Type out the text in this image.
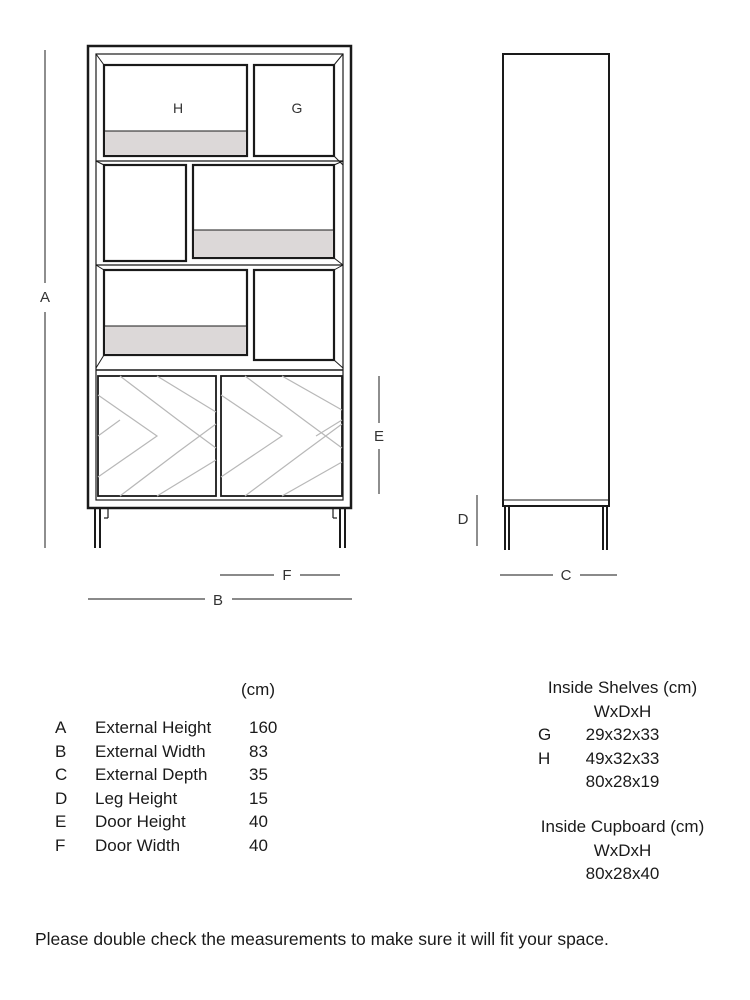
H	G
A
E
D
F
B
C
(cm)
A	External Height 160
B	External Width	83
C	External Depth 35
D	Leg Height	15
E	Door Height	40
F	Door Width	40
Inside Shelves (cm)
WxDxH
G 29x32x33
H 49x32x33
80x28x19
Inside Cupboard (cm)
WxDxH
80x28x40
Please double check the measurements to make sure it will fit your space.
